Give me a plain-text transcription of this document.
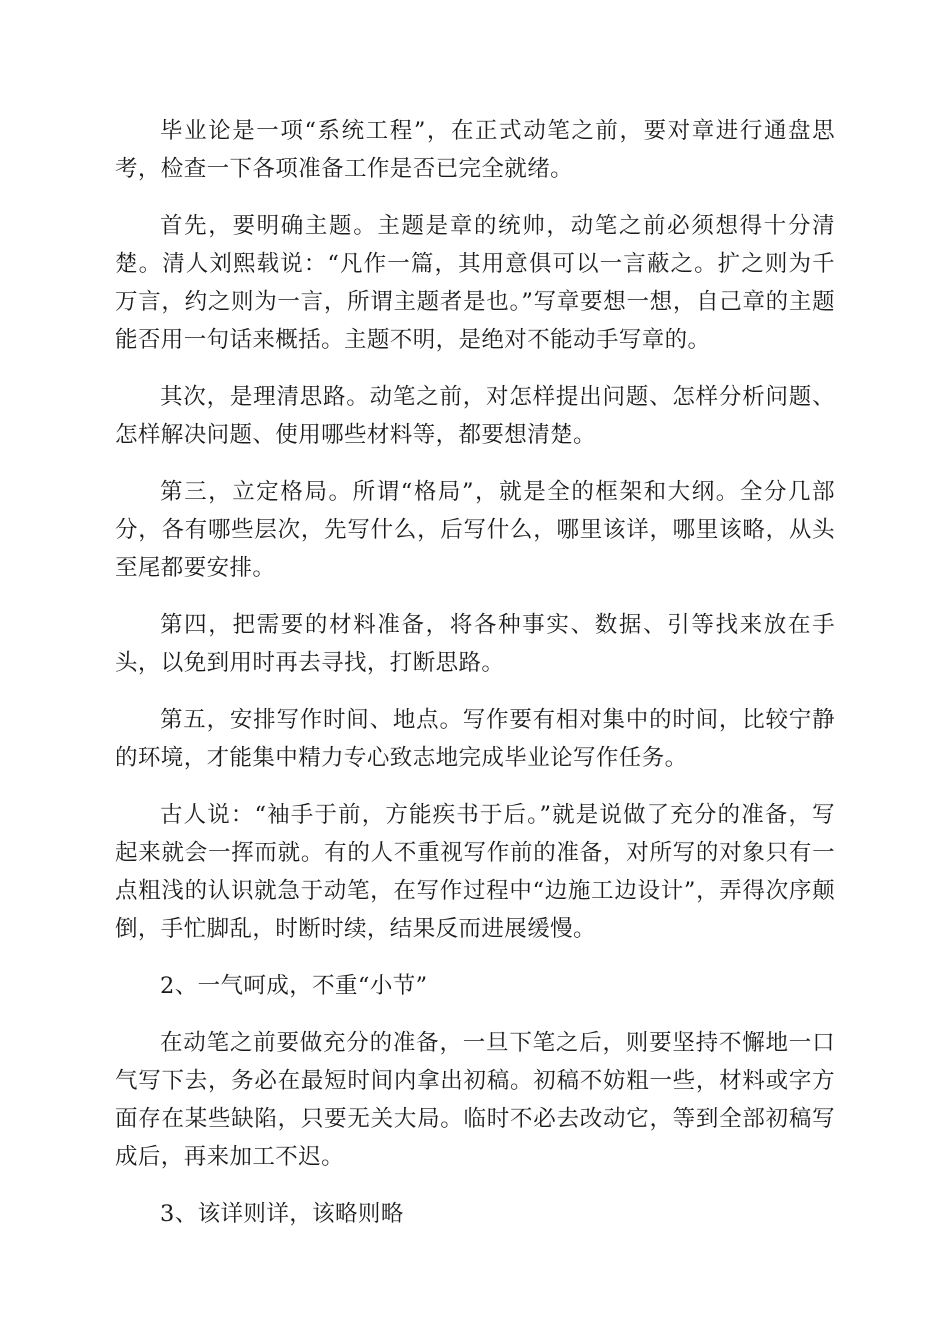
毕业论是一项“系统工程”，在正式动笔之前，要对章进行通盘思考，检查一下各项准备工作是否已完全就绪。

首先，要明确主题。主题是章的统帅，动笔之前必须想得十分清楚。清人刘熙载说：“凡作一篇，其用意俱可以一言蔽之。扩之则为千万言，约之则为一言，所谓主题者是也。”写章要想一想，自己章的主题能否用一句话来概括。主题不明，是绝对不能动手写章的。

其次，是理清思路。动笔之前，对怎样提出问题、怎样分析问题、怎样解决问题、使用哪些材料等，都要想清楚。

第三，立定格局。所谓“格局”，就是全的框架和大纲。全分几部分，各有哪些层次，先写什么，后写什么，哪里该详，哪里该略，从头至尾都要安排。

第四，把需要的材料准备，将各种事实、数据、引等找来放在手头，以免到用时再去寻找，打断思路。

第五，安排写作时间、地点。写作要有相对集中的时间，比较宁静的环境，才能集中精力专心致志地完成毕业论写作任务。

古人说：“袖手于前，方能疾书于后。”就是说做了充分的准备，写起来就会一挥而就。有的人不重视写作前的准备，对所写的对象只有一点粗浅的认识就急于动笔，在写作过程中“边施工边设计”，弄得次序颠倒，手忙脚乱，时断时续，结果反而进展缓慢。

2、一气呵成，不重“小节”

在动笔之前要做充分的准备，一旦下笔之后，则要坚持不懈地一口气写下去，务必在最短时间内拿出初稿。初稿不妨粗一些，材料或字方面存在某些缺陷，只要无关大局。临时不必去改动它，等到全部初稿写成后，再来加工不迟。

3、该详则详，该略则略
